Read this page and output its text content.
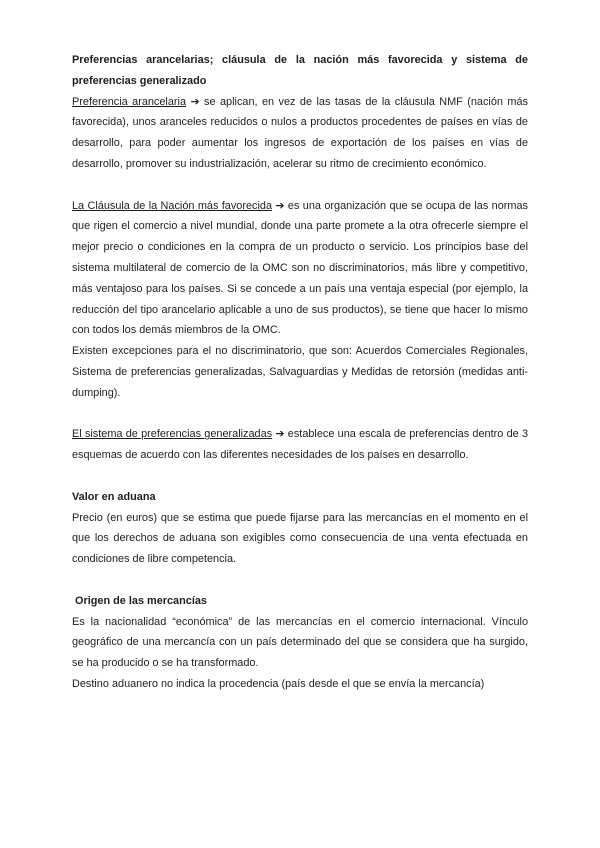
Preferencias arancelarias; cláusula de la nación más favorecida y sistema de preferencias generalizado

Preferencia arancelaria ➔ se aplican, en vez de las tasas de la cláusula NMF (nación más favorecida), unos aranceles reducidos o nulos a productos procedentes de países en vías de desarrollo, para poder aumentar los ingresos de exportación de los países en vías de desarrollo, promover su industrialización, acelerar su ritmo de crecimiento económico.

La Cláusula de la Nación más favorecida ➔ es una organización que se ocupa de las normas que rigen el comercio a nivel mundial, donde una parte promete a la otra ofrecerle siempre el mejor precio o condiciones en la compra de un producto o servicio. Los principios base del sistema multilateral de comercio de la OMC son no discriminatorios, más libre y competitivo, más ventajoso para los países. Si se concede a un país una ventaja especial (por ejemplo, la reducción del tipo arancelario aplicable a uno de sus productos), se tiene que hacer lo mismo con todos los demás miembros de la OMC.

Existen excepciones para el no discriminatorio, que son: Acuerdos Comerciales Regionales, Sistema de preferencias generalizadas, Salvaguardias y Medidas de retorsión (medidas anti-dumping).

El sistema de preferencias generalizadas ➔ establece una escala de preferencias dentro de 3 esquemas de acuerdo con las diferentes necesidades de los países en desarrollo.

Valor en aduana

Precio (en euros) que se estima que puede fijarse para las mercancías en el momento en el que los derechos de aduana son exigibles como consecuencia de una venta efectuada en condiciones de libre competencia.

Origen de las mercancías

Es la nacionalidad “económica” de las mercancías en el comercio internacional. Vínculo geográfico de una mercancía con un país determinado del que se considera que ha surgido, se ha producido o se ha transformado.

Destino aduanero no indica la procedencia (país desde el que se envía la mercancía)
